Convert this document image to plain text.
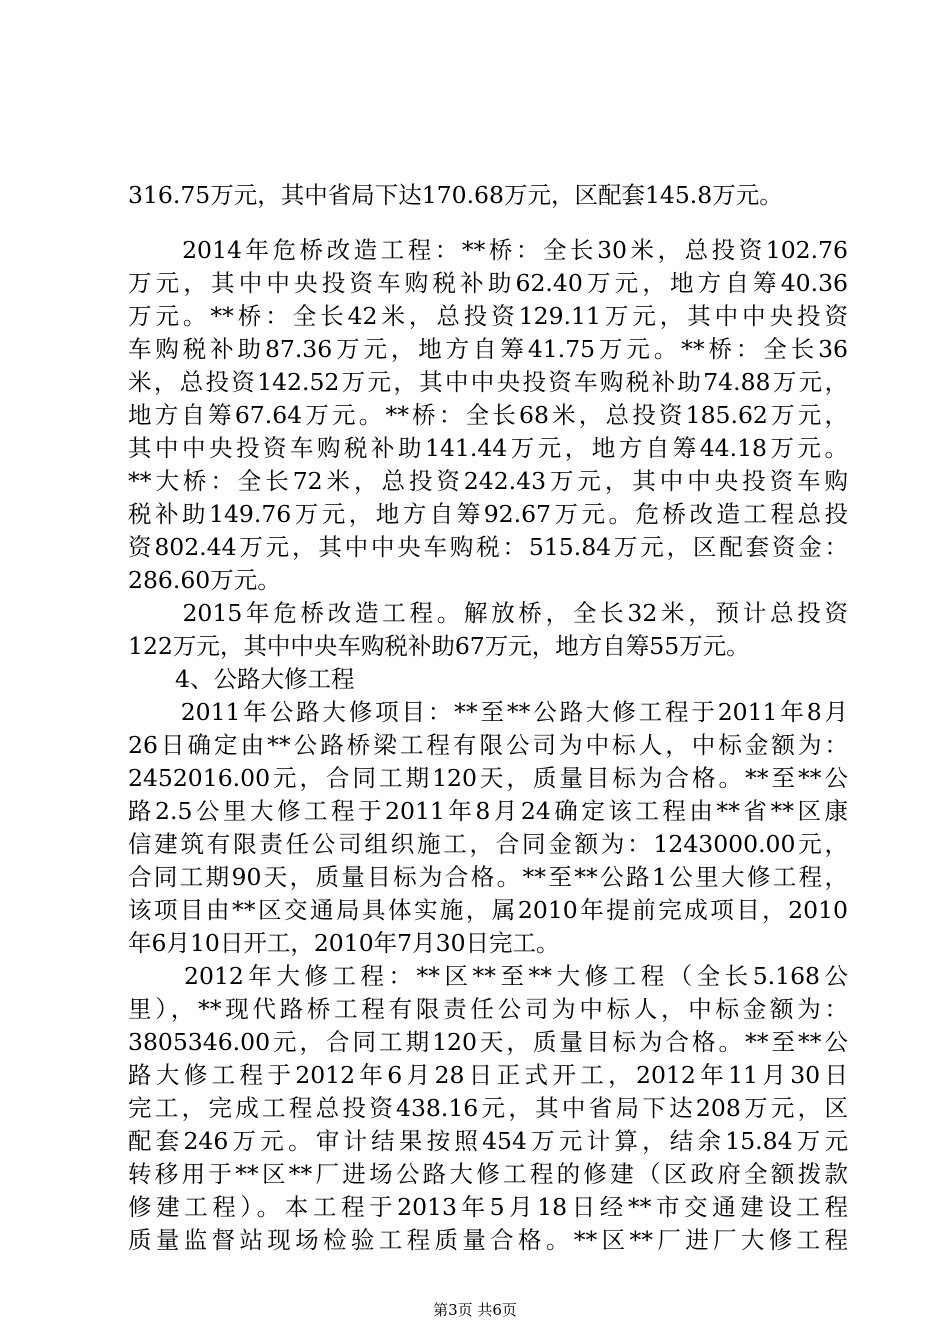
316.75万元，其中省局下达170.68万元，区配套145.8万元。
　　2014年危桥改造工程：**桥：全长30米，总投资102.76
万元，其中中央投资车购税补助62.40万元，地方自筹40.36
万元。**桥：全长42米，总投资129.11万元，其中中央投资
车购税补助87.36万元，地方自筹41.75万元。**桥：全长36
米，总投资142.52万元，其中中央投资车购税补助74.88万元，
地方自筹67.64万元。**桥：全长68米，总投资185.62万元，
其中中央投资车购税补助141.44万元，地方自筹44.18万元。
**大桥：全长72米，总投资242.43万元，其中中央投资车购
税补助149.76万元，地方自筹92.67万元。危桥改造工程总投
资802.44万元，其中中央车购税：515.84万元，区配套资金：
286.60万元。
　　2015年危桥改造工程。解放桥，全长32米，预计总投资
122万元，其中中央车购税补助67万元，地方自筹55万元。
　　4、公路大修工程
　　2011年公路大修项目：**至**公路大修工程于2011年8月
26日确定由**公路桥梁工程有限公司为中标人，中标金额为：
2452016.00元，合同工期120天，质量目标为合格。**至**公
路2.5公里大修工程于2011年8月24确定该工程由**省**区康
信建筑有限责任公司组织施工，合同金额为：1243000.00元，
合同工期90天，质量目标为合格。**至**公路1公里大修工程，
该项目由**区交通局具体实施，属2010年提前完成项目，2010
年6月10日开工，2010年7月30日完工。
　　2012年大修工程：**区**至**大修工程（全长5.168公
里），**现代路桥工程有限责任公司为中标人，中标金额为：
3805346.00元，合同工期120天，质量目标为合格。**至**公
路大修工程于2012年6月28日正式开工，2012年11月30日
完工，完成工程总投资438.16元，其中省局下达208万元，区
配套246万元。审计结果按照454万元计算，结余15.84万元
转移用于**区**厂进场公路大修工程的修建（区政府全额拨款
修建工程）。本工程于2013年5月18日经**市交通建设工程
质量监督站现场检验工程质量合格。**区**厂进厂大修工程
第3页 共6页
